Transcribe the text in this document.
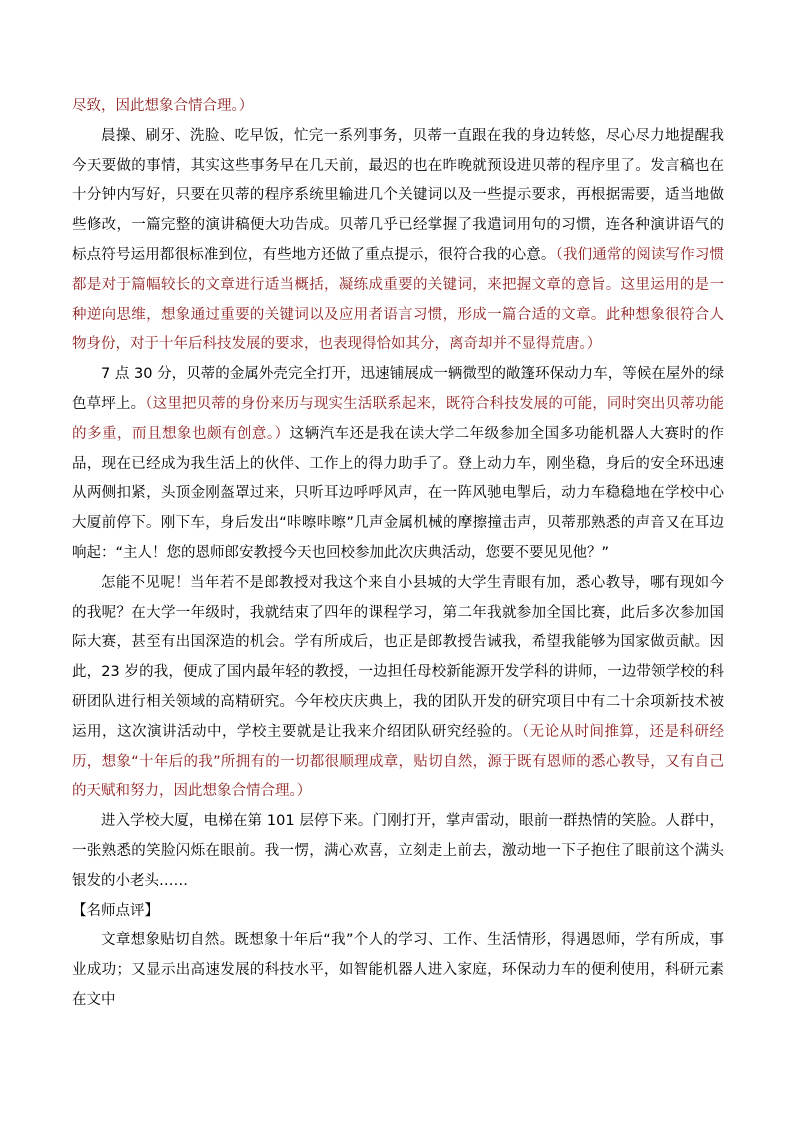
尽致，因此想象合情合理。）

晨操、刷牙、洗脸、吃早饭，忙完一系列事务，贝蒂一直跟在我的身边转悠，尽心尽力地提醒我今天要做的事情，其实这些事务早在几天前，最迟的也在昨晚就预设进贝蒂的程序里了。发言稿也在十分钟内写好，只要在贝蒂的程序系统里输进几个关键词以及一些提示要求，再根据需要，适当地做些修改，一篇完整的演讲稿便大功告成。贝蒂几乎已经掌握了我遣词用句的习惯，连各种演讲语气的标点符号运用都很标准到位，有些地方还做了重点提示，很符合我的心意。（我们通常的阅读写作习惯都是对于篇幅较长的文章进行适当概括，凝练成重要的关键词，来把握文章的意旨。这里运用的是一种逆向思维，想象通过重要的关键词以及应用者语言习惯，形成一篇合适的文章。此种想象很符合人物身份，对于十年后科技发展的要求，也表现得恰如其分，离奇却并不显得荒唐。）

7 点 30 分，贝蒂的金属外壳完全打开，迅速铺展成一辆微型的敞篷环保动力车，等候在屋外的绿色草坪上。（这里把贝蒂的身份来历与现实生活联系起来，既符合科技发展的可能，同时突出贝蒂功能的多重，而且想象也颇有创意。）这辆汽车还是我在读大学二年级参加全国多功能机器人大赛时的作品，现在已经成为我生活上的伙伴、工作上的得力助手了。登上动力车，刚坐稳，身后的安全环迅速从两侧扣紧，头顶金刚盔罩过来，只听耳边呼呼风声，在一阵风驰电掣后，动力车稳稳地在学校中心大厦前停下。刚下车，身后发出“咔嚓咔嚓”几声金属机械的摩擦撞击声，贝蒂那熟悉的声音又在耳边响起：“主人！您的恩师郎安教授今天也回校参加此次庆典活动，您要不要见见他？”

怎能不见呢！当年若不是郎教授对我这个来自小县城的大学生青眼有加，悉心教导，哪有现如今的我呢？在大学一年级时，我就结束了四年的课程学习，第二年我就参加全国比赛，此后多次参加国际大赛，甚至有出国深造的机会。学有所成后，也正是郎教授告诫我，希望我能够为国家做贡献。因此，23 岁的我，便成了国内最年轻的教授，一边担任母校新能源开发学科的讲师，一边带领学校的科研团队进行相关领域的高精研究。今年校庆庆典上，我的团队开发的研究项目中有二十余项新技术被运用，这次演讲活动中，学校主要就是让我来介绍团队研究经验的。（无论从时间推算，还是科研经历，想象“十年后的我”所拥有的一切都很顺理成章，贴切自然，源于既有恩师的悉心教导，又有自己的天赋和努力，因此想象合情合理。）

进入学校大厦，电梯在第 101 层停下来。门刚打开，掌声雷动，眼前一群热情的笑脸。人群中，一张熟悉的笑脸闪烁在眼前。我一愣，满心欢喜，立刻走上前去，激动地一下子抱住了眼前这个满头银发的小老头……

【名师点评】

文章想象贴切自然。既想象十年后“我”个人的学习、工作、生活情形，得遇恩师，学有所成，事业成功；又显示出高速发展的科技水平，如智能机器人进入家庭，环保动力车的便利使用，科研元素在文中
